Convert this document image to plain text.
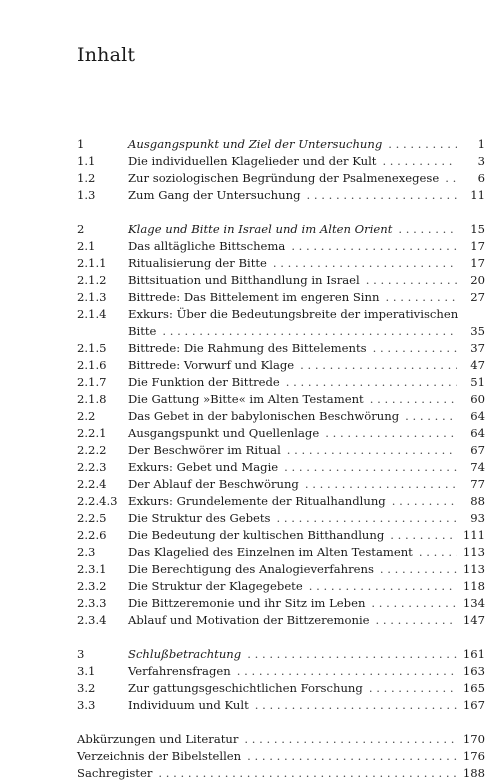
Inhalt
1	Ausgangspunkt und Ziel der Untersuchung . . .	1
1.1	Die individuellen Klagelieder und der Kult . . .	3
1.2	Zur soziologischen Begründung der Psalmenexegese . . .	6
1.3	Zum Gang der Untersuchung . . .	11
2	Klage und Bitte in Israel und im Alten Orient . . .	15
2.1	Das alltägliche Bittschema . . .	17
2.1.1	Ritualisierung der Bitte . . .	17
2.1.2	Bittsituation und Bitthandlung in Israel . . .	20
2.1.3	Bittrede: Das Bittelement im engeren Sinn . . .	27
2.1.4	Exkurs: Über die Bedeutungsbreite der imperativischen
Bitte . . .	35
2.1.5	Bittrede: Die Rahmung des Bittelements . . .	37
2.1.6	Bittrede: Vorwurf und Klage . . .	47
2.1.7	Die Funktion der Bittrede . . .	51
2.1.8	Die Gattung »Bitte« im Alten Testament . . .	60
2.2	Das Gebet in der babylonischen Beschwörung . . .	64
2.2.1	Ausgangspunkt und Quellenlage . . .	64
2.2.2	Der Beschwörer im Ritual . . .	67
2.2.3	Exkurs: Gebet und Magie . . .	74
2.2.4	Der Ablauf der Beschwörung . . .	77
2.2.4.3 Exkurs: Grundelemente der Ritualhandlung . . .	88
2.2.5	Die Struktur des Gebets . . .	93
2.2.6	Die Bedeutung der kultischen Bitthandlung . . .	111
2.3	Das Klagelied des Einzelnen im Alten Testament . . .	113
2.3.1	Die Berechtigung des Analogieverfahrens . . .	113
2.3.2	Die Struktur der Klagegebete . . .	118
2.3.3	Die Bittzeremonie und ihr Sitz im Leben . . .	134
2.3.4	Ablauf und Motivation der Bittzeremonie . . .	147
3	Schlußbetrachtung . . .	161
3.1	Verfahrensfragen . . .	163
3.2	Zur gattungsgeschichtlichen Forschung . . .	165
3.3	Individuum und Kult . . .	167
Abkürzungen und Literatur . . .	170
Verzeichnis der Bibelstellen . . .	176
Sachregister . . .	188
